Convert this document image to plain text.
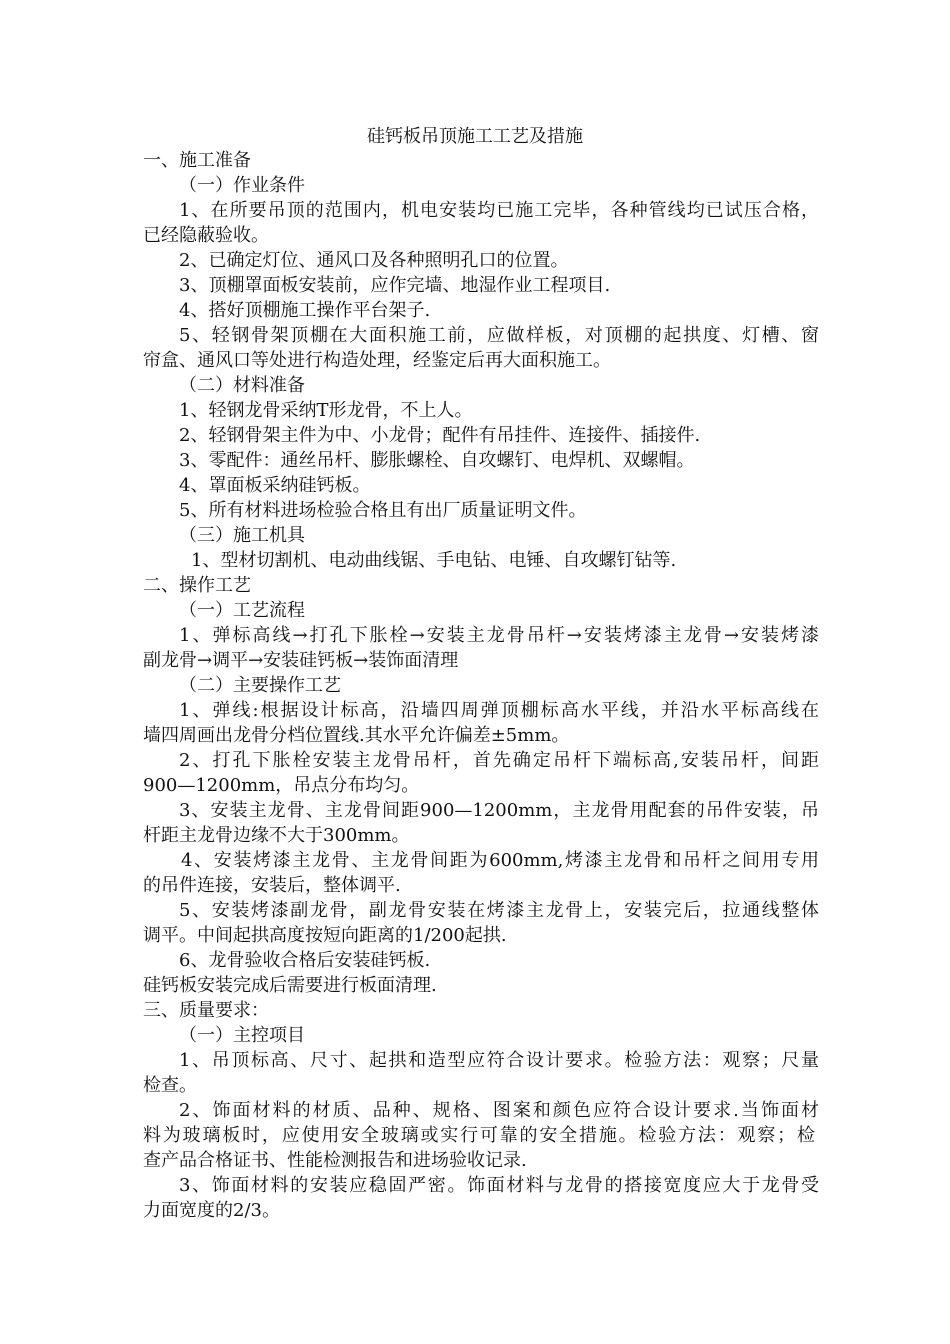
硅钙板吊顶施工工艺及措施
一、施工准备
（一）作业条件
1、在所要吊顶的范围内，机电安装均已施工完毕，各种管线均已试压合格，
已经隐蔽验收。
2、已确定灯位、通风口及各种照明孔口的位置。
3、顶棚罩面板安装前，应作完墙、地湿作业工程项目.
4、搭好顶棚施工操作平台架子.
5、轻钢骨架顶棚在大面积施工前，应做样板，对顶棚的起拱度、灯槽、窗
帘盒、通风口等处进行构造处理，经鉴定后再大面积施工。
（二）材料准备
1、轻钢龙骨采纳T形龙骨，不上人。
2、轻钢骨架主件为中、小龙骨；配件有吊挂件、连接件、插接件.
3、零配件：通丝吊杆、膨胀螺栓、自攻螺钉、电焊机、双螺帽。
4、罩面板采纳硅钙板。
5、所有材料进场检验合格且有出厂质量证明文件。
（三）施工机具
1、型材切割机、电动曲线锯、手电钻、电锤、自攻螺钉钻等.
二、操作工艺
（一）工艺流程
1、弹标高线→打孔下胀栓→安装主龙骨吊杆→安装烤漆主龙骨→安装烤漆
副龙骨→调平→安装硅钙板→装饰面清理
（二）主要操作工艺
1、弹线:根据设计标高，沿墙四周弹顶棚标高水平线，并沿水平标高线在
墙四周画出龙骨分档位置线.其水平允许偏差±5mm。
2、打孔下胀栓安装主龙骨吊杆，首先确定吊杆下端标高,安装吊杆，间距
900—1200mm，吊点分布均匀。
3、安装主龙骨、主龙骨间距900—1200mm，主龙骨用配套的吊件安装，吊
杆距主龙骨边缘不大于300mm。
4、安装烤漆主龙骨、主龙骨间距为600mm,烤漆主龙骨和吊杆之间用专用
的吊件连接，安装后，整体调平.
5、安装烤漆副龙骨，副龙骨安装在烤漆主龙骨上，安装完后，拉通线整体
调平。中间起拱高度按短向距离的1/200起拱.
6、龙骨验收合格后安装硅钙板.
硅钙板安装完成后需要进行板面清理.
三、质量要求：
（一）主控项目
1、吊顶标高、尺寸、起拱和造型应符合设计要求。检验方法：观察；尺量
检查。
2、饰面材料的材质、品种、规格、图案和颜色应符合设计要求.当饰面材
料为玻璃板时，应使用安全玻璃或实行可靠的安全措施。检验方法：观察；检
查产品合格证书、性能检测报告和进场验收记录.
3、饰面材料的安装应稳固严密。饰面材料与龙骨的搭接宽度应大于龙骨受
力面宽度的2/3。
